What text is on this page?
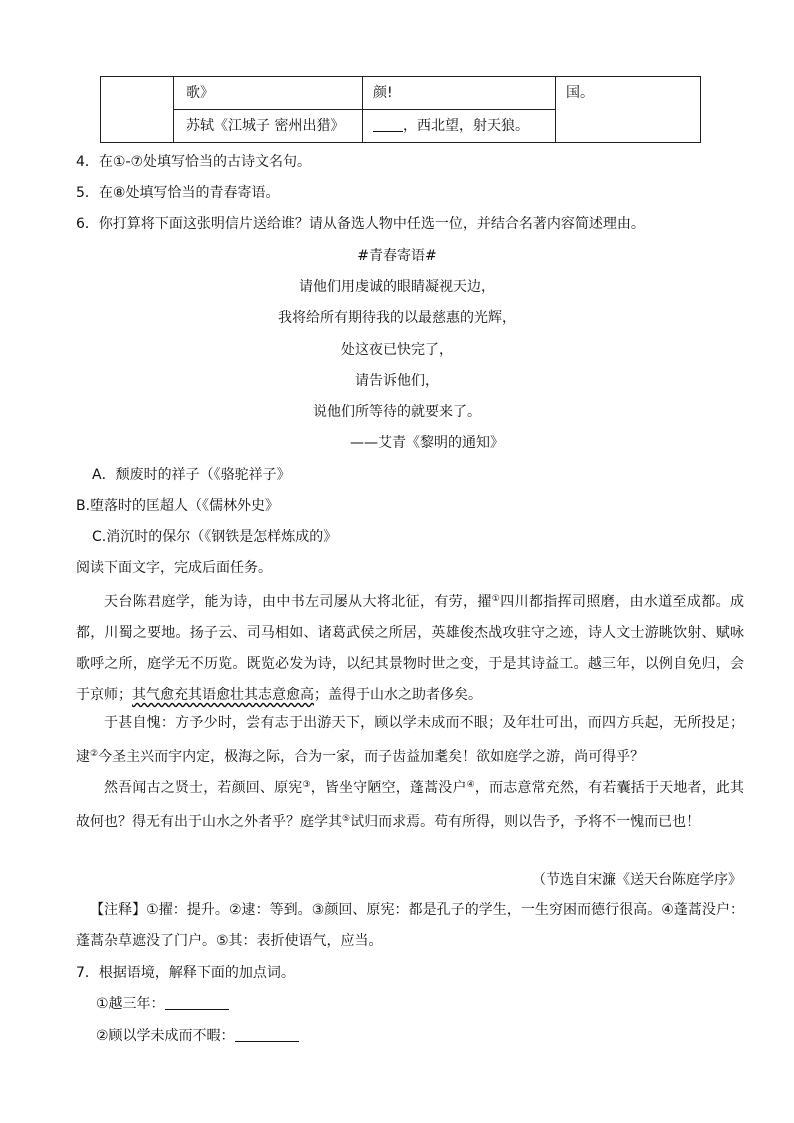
	歌》	颜!	国。
	苏轼《江城子 密州出猎》	，西北望，射天狼。	
4．在①-⑦处填写恰当的古诗文名句。
5．在⑧处填写恰当的青春寄语。
6．你打算将下面这张明信片送给谁？请从备选人物中任选一位，并结合名著内容简述理由。
#青春寄语#
请他们用虔诚的眼睛凝视天边，
我将给所有期待我的以最慈惠的光辉，
处这夜已快完了，
请告诉他们，
说他们所等待的就要来了。
——艾青《黎明的通知》
A．颓废时的祥子（《骆驼祥子》
B.堕落时的匡超人（《儒林外史》
C.消沉时的保尔（《钢铁是怎样炼成的》
阅读下面文字，完成后面任务。
天台陈君庭学，能为诗，由中书左司屡从大将北征，有劳，擢①四川都指挥司照磨，由水道至成都。成都，川蜀之要地。扬子云、司马相如、诸葛武侯之所居，英雄俊杰战攻驻守之迹，诗人文士游眺饮射、赋咏歌呼之所，庭学无不历览。既览必发为诗，以纪其景物时世之变，于是其诗益工。越三年，以例自免归，会于京师；其气愈充其语愈壮其志意愈高；盖得于山水之助者侈矣。
于甚自愧：方予少时，尝有志于出游天下，顾以学未成而不眼；及年壮可出，而四方兵起，无所投足；逮②今圣主兴而宇内定，极海之际，合为一家，而子齿益加耄矣！欲如庭学之游，尚可得乎？
然吾闻古之贤士，若颜回、原宪③，皆坐守陋空，蓬蒿没户④，而志意常充然，有若囊括于天地者，此其故何也？得无有出于山水之外者乎？庭学其⑤试归而求焉。苟有所得，则以告予，予将不一愧而已也！
（节选自宋濂《送天台陈庭学序》
【注释】①擢：提升。②逮：等到。③颜回、原宪：都是孔子的学生，一生穷困而德行很高。④蓬蒿没户：蓬蒿杂草遮没了门户。⑤其：表折使语气，应当。
7．根据语境，解释下面的加点词。
①越三年：
②顾以学未成而不暇：
